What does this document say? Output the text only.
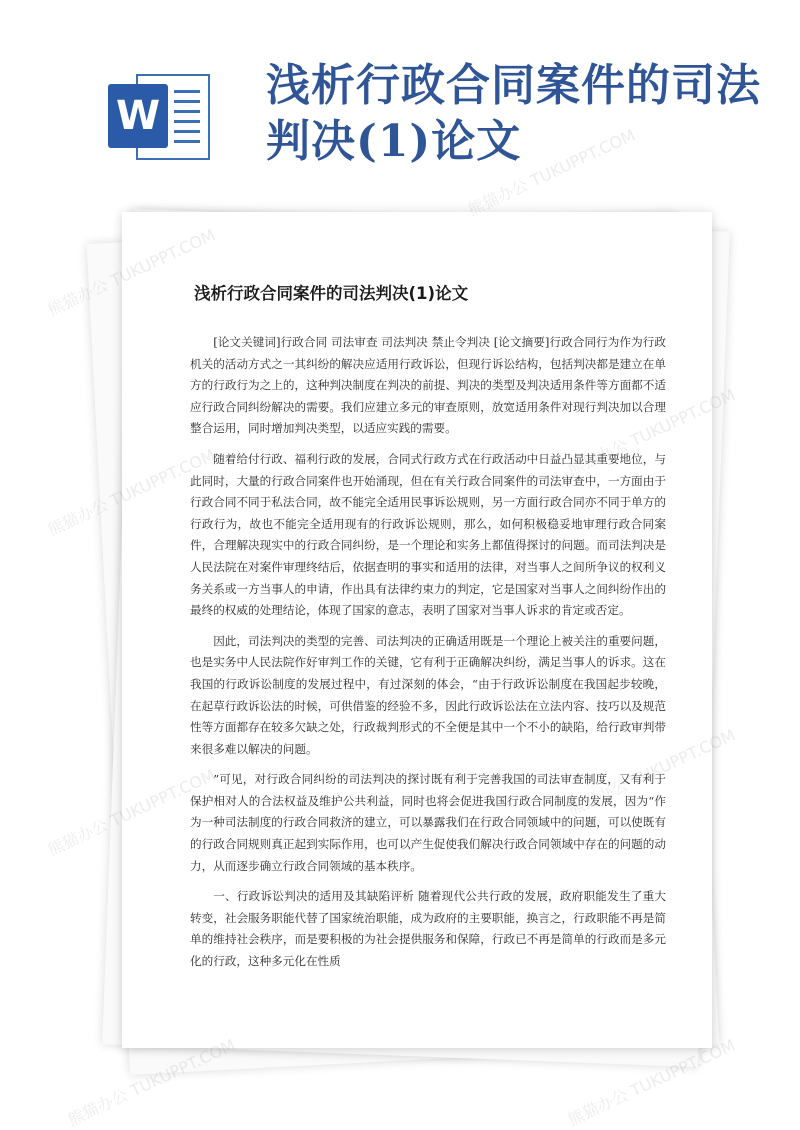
W
浅析行政合同案件的司法判决(1)论文
浅析行政合同案件的司法判决(1)论文

[论文关键词]行政合同 司法审查 司法判决 禁止令判决 [论文摘要]行政合同行为作为行政机关的活动方式之一其纠纷的解决应适用行政诉讼，但现行诉讼结构，包括判决都是建立在单方的行政行为之上的，这种判决制度在判决的前提、判决的类型及判决适用条件等方面都不适应行政合同纠纷解决的需要。我们应建立多元的审查原则，放宽适用条件对现行判决加以合理整合运用，同时增加判决类型，以适应实践的需要。

随着给付行政、福利行政的发展，合同式行政方式在行政活动中日益凸显其重要地位，与此同时，大量的行政合同案件也开始涌现，但在有关行政合同案件的司法审查中，一方面由于行政合同不同于私法合同，故不能完全适用民事诉讼规则，另一方面行政合同亦不同于单方的行政行为，故也不能完全适用现有的行政诉讼规则，那么，如何积极稳妥地审理行政合同案件，合理解决现实中的行政合同纠纷，是一个理论和实务上都值得探讨的问题。而司法判决是人民法院在对案件审理终结后，依据查明的事实和适用的法律，对当事人之间所争议的权利义务关系或一方当事人的申请，作出具有法律约束力的判定，它是国家对当事人之间纠纷作出的最终的权威的处理结论，体现了国家的意志，表明了国家对当事人诉求的肯定或否定。

因此，司法判决的类型的完善、司法判决的正确适用既是一个理论上被关注的重要问题，也是实务中人民法院作好审判工作的关键，它有利于正确解决纠纷，满足当事人的诉求。这在我国的行政诉讼制度的发展过程中，有过深刻的体会，“由于行政诉讼制度在我国起步较晚，在起草行政诉讼法的时候，可供借鉴的经验不多，因此行政诉讼法在立法内容、技巧以及规范性等方面都存在较多欠缺之处，行政裁判形式的不全便是其中一个不小的缺陷，给行政审判带来很多难以解决的问题。

”可见，对行政合同纠纷的司法判决的探讨既有利于完善我国的司法审查制度，又有利于保护相对人的合法权益及维护公共利益，同时也将会促进我国行政合同制度的发展，因为“作为一种司法制度的行政合同救济的建立，可以暴露我们在行政合同领域中的问题，可以使既有的行政合同规则真正起到实际作用，也可以产生促使我们解决行政合同领域中存在的问题的动力，从而逐步确立行政合同领域的基本秩序。

一、行政诉讼判决的适用及其缺陷评析 随着现代公共行政的发展，政府职能发生了重大转变，社会服务职能代替了国家统治职能，成为政府的主要职能，换言之，行政职能不再是简单的维持社会秩序，而是要积极的为社会提供服务和保障，行政已不再是简单的行政而是多元化的行政，这种多元化在性质

熊猫办公
熊猫办公 TUKUPPT.COM
熊猫办公
熊猫办公
熊猫办公 TUKUPPT.COM	熊猫办公 TUKUPPT.COM
